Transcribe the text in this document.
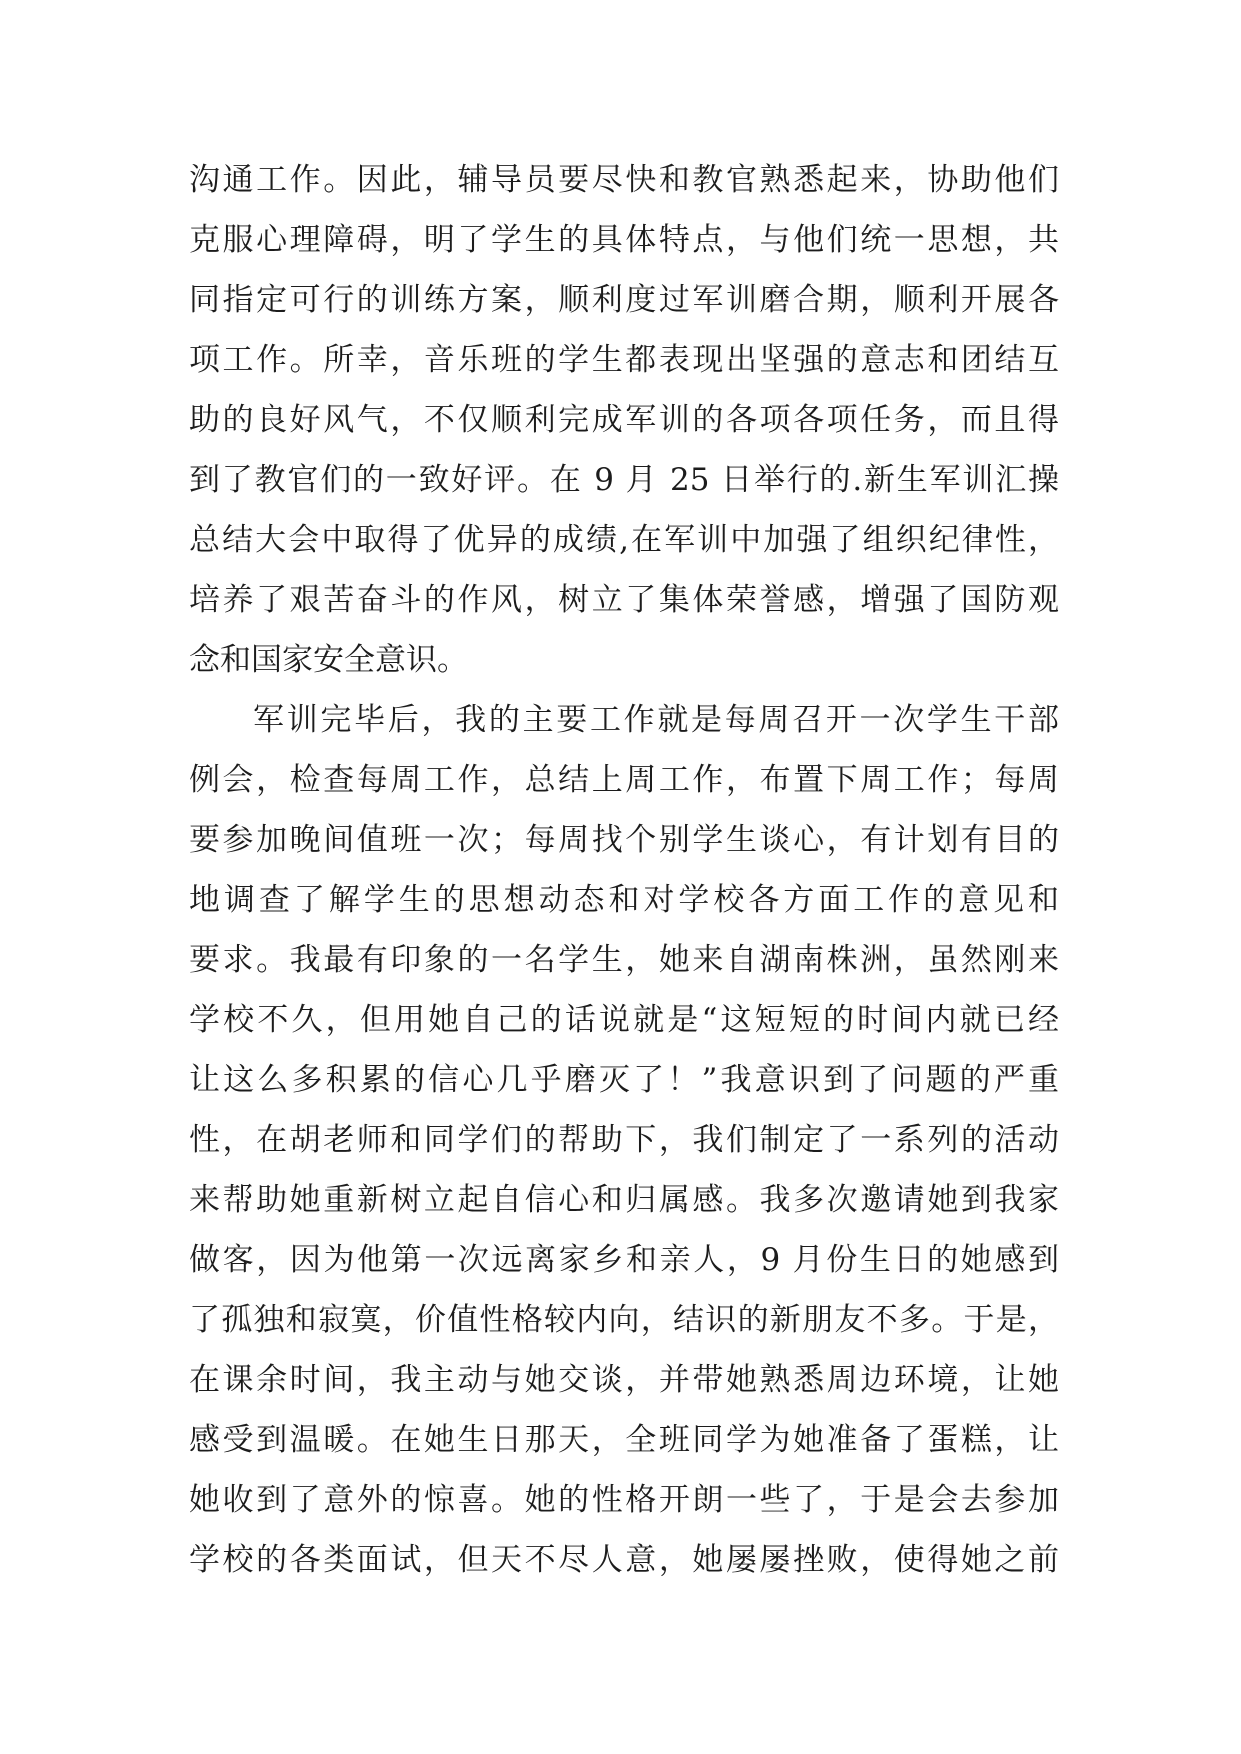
沟通工作。因此，辅导员要尽快和教官熟悉起来，协助他们
克服心理障碍，明了学生的具体特点，与他们统一思想，共
同指定可行的训练方案，顺利度过军训磨合期，顺利开展各
项工作。所幸，音乐班的学生都表现出坚强的意志和团结互
助的良好风气，不仅顺利完成军训的各项各项任务，而且得
到了教官们的一致好评。在 9 月 25 日举行的.新生军训汇操
总结大会中取得了优异的成绩,在军训中加强了组织纪律性，
培养了艰苦奋斗的作风，树立了集体荣誉感，增强了国防观
念和国家安全意识。
军训完毕后，我的主要工作就是每周召开一次学生干部
例会，检查每周工作，总结上周工作，布置下周工作；每周
要参加晚间值班一次；每周找个别学生谈心，有计划有目的
地调查了解学生的思想动态和对学校各方面工作的意见和
要求。我最有印象的一名学生，她来自湖南株洲，虽然刚来
学校不久，但用她自己的话说就是“这短短的时间内就已经
让这么多积累的信心几乎磨灭了！”我意识到了问题的严重
性，在胡老师和同学们的帮助下，我们制定了一系列的活动
来帮助她重新树立起自信心和归属感。我多次邀请她到我家
做客，因为他第一次远离家乡和亲人，9 月份生日的她感到
了孤独和寂寞，价值性格较内向，结识的新朋友不多。于是，
在课余时间，我主动与她交谈，并带她熟悉周边环境，让她
感受到温暖。在她生日那天，全班同学为她准备了蛋糕，让
她收到了意外的惊喜。她的性格开朗一些了，于是会去参加
学校的各类面试，但天不尽人意，她屡屡挫败，使得她之前
